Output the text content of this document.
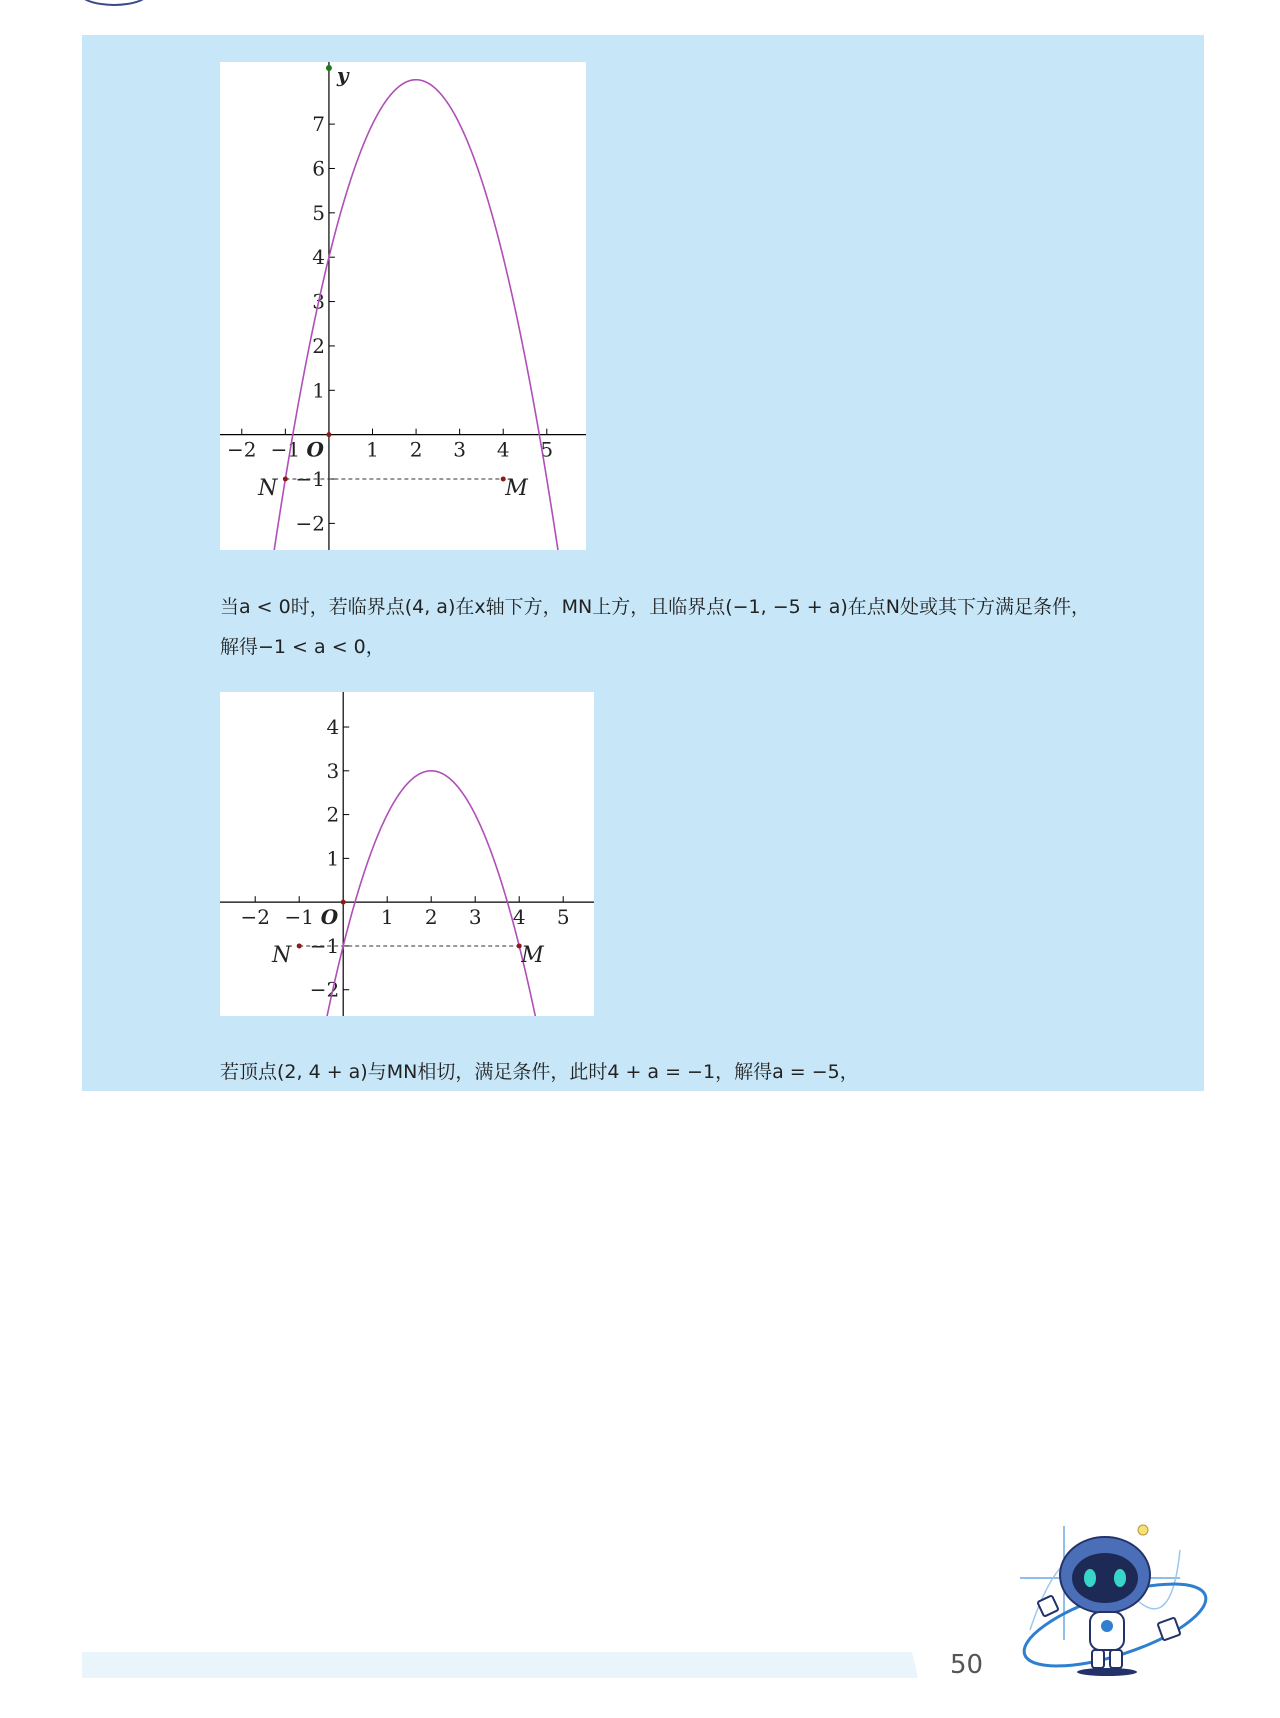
−2 −1	1 2 3 4 5
7
6
5
4
3
2
1
−1
−2
O
y
N	M
当a < 0时，若临界点(4, a)在x轴下方，MN上方，且临界点(−1, −5 + a)在点N处或其下方满足条件，
解得−1 < a < 0，
−2 −1	1 2 3 4 5
4
3
2
1
−1
−2
O
N	M
若顶点(2, 4 + a)与MN相切，满足条件，此时4 + a = −1，解得a = −5，
50
